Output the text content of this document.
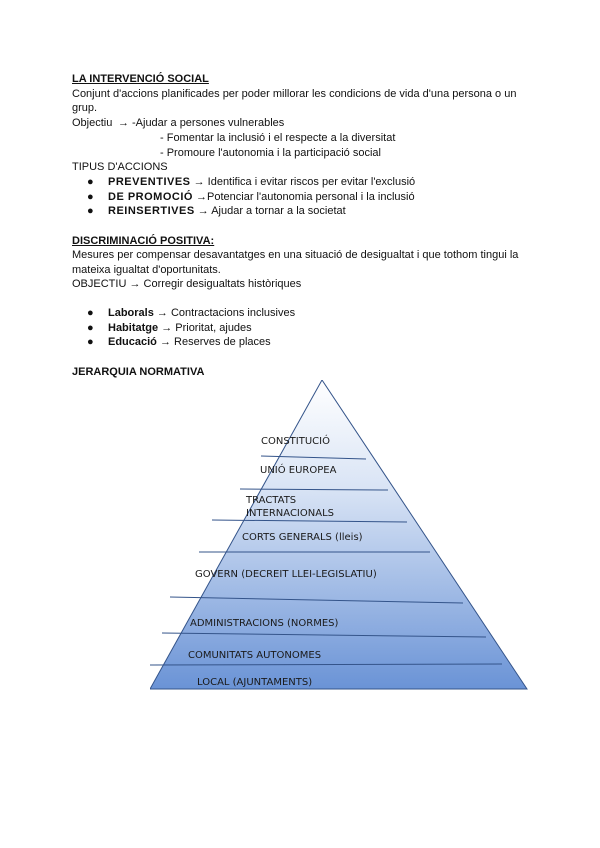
LA INTERVENCIÓ SOCIAL
Conjunt d'accions planificades per poder millorar les condicions de vida d'una persona o un
grup.
Objectiu → -Ajudar a persones vulnerables
- Fomentar la inclusió i el respecte a la diversitat
- Promoure l'autonomia i la participació social
TIPUS D'ACCIONS
● PREVENTIVES → Identifica i evitar riscos per evitar l'exclusió
● DE PROMOCIÓ →Potenciar l'autonomia personal i la inclusió
● REINSERTIVES → Ajudar a tornar a la societat
DISCRIMINACIÓ POSITIVA:
Mesures per compensar desavantatges en una situació de desigualtat i que tothom tingui la
mateixa igualtat d'oportunitats.
OBJECTIU → Corregir desigualtats històriques
● Laborals → Contractacions inclusives
● Habitatge → Prioritat, ajudes
● Educació → Reserves de places
JERARQUIA NORMATIVA
CONSTITUCIÓ
UNIÓ EUROPEA
TRACTATS
INTERNACIONALS
CORTS GENERALS (lleis)
GOVERN (DECREIT LLEI-LEGISLATIU)
ADMINISTRACIONS (NORMES)
COMUNITATS AUTONOMES
LOCAL (AJUNTAMENTS)
